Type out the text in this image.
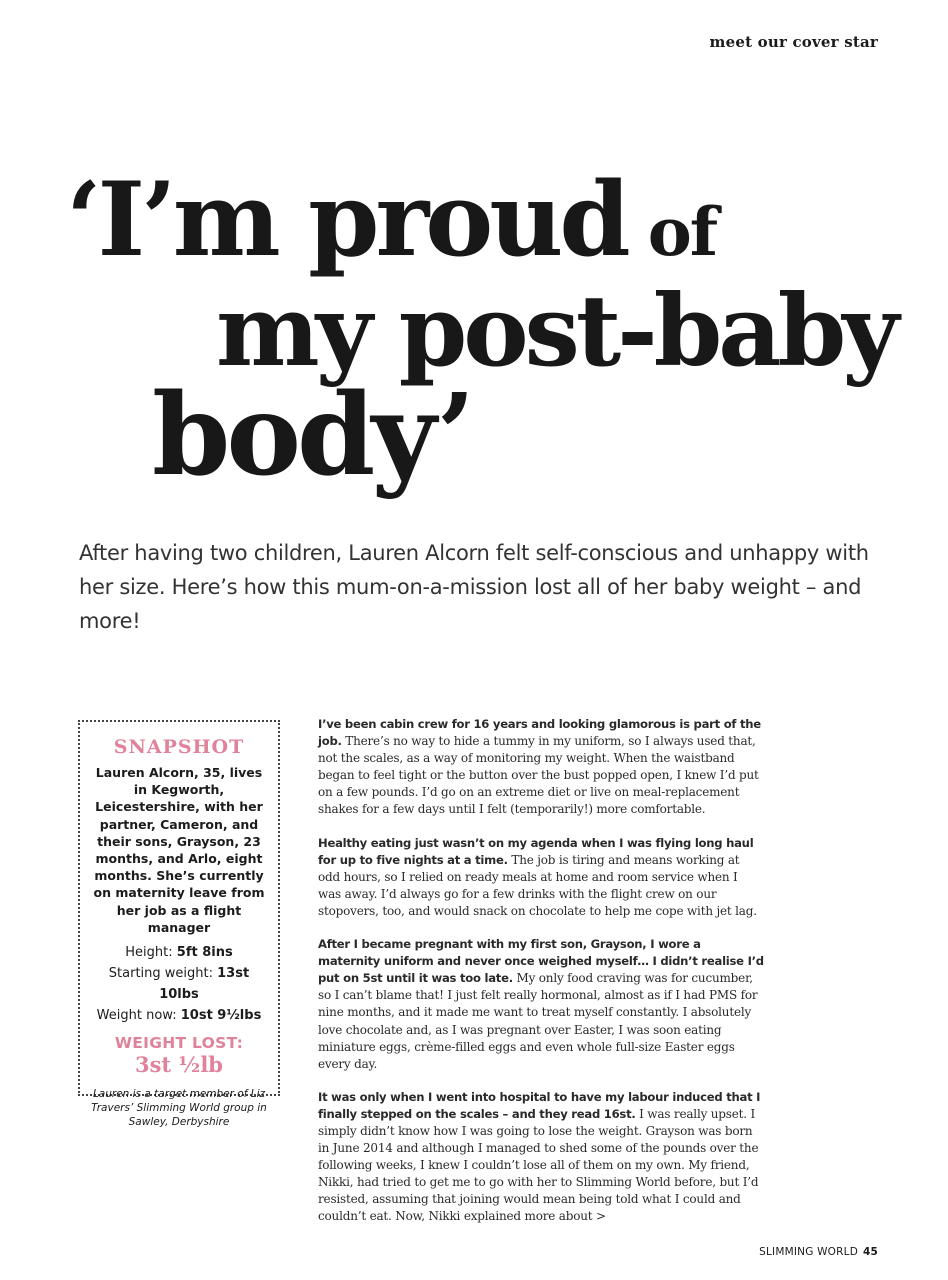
meet our cover star
‘I’m proud of
my post-baby
body’

After having two children, Lauren Alcorn felt self-conscious and unhappy with her size. Here’s how this mum-on-a-mission lost all of her baby weight – and more!

SNAPSHOT

Lauren Alcorn, 35, lives in Kegworth, Leicestershire, with her partner, Cameron, and their sons, Grayson, 23 months, and Arlo, eight months. She’s currently on maternity leave from her job as a flight manager

Height: 5ft 8ins

Starting weight: 13st 10lbs

Weight now: 10st 9½lbs

WEIGHT LOST:
3st ½lb

Lauren is a target member of Liz Travers’ Slimming World group in Sawley, Derbyshire

I’ve been cabin crew for 16 years and looking glamorous is part of the job. There’s no way to hide a tummy in my uniform, so I always used that, not the scales, as a way of monitoring my weight. When the waistband began to feel tight or the button over the bust popped open, I knew I’d put on a few pounds. I’d go on an extreme diet or live on meal-replacement shakes for a few days until I felt (temporarily!) more comfortable.

Healthy eating just wasn’t on my agenda when I was flying long haul for up to five nights at a time. The job is tiring and means working at odd hours, so I relied on ready meals at home and room service when I was away. I’d always go for a few drinks with the flight crew on our stopovers, too, and would snack on chocolate to help me cope with jet lag.

After I became pregnant with my first son, Grayson, I wore a maternity uniform and never once weighed myself… I didn’t realise I’d put on 5st until it was too late. My only food craving was for cucumber, so I can’t blame that! I just felt really hormonal, almost as if I had PMS for nine months, and it made me want to treat myself constantly. I absolutely love chocolate and, as I was pregnant over Easter, I was soon eating miniature eggs, crème-filled eggs and even whole full-size Easter eggs every day.

It was only when I went into hospital to have my labour induced that I finally stepped on the scales – and they read 16st. I was really upset. I simply didn’t know how I was going to lose the weight. Grayson was born in June 2014 and although I managed to shed some of the pounds over the following weeks, I knew I couldn’t lose all of them on my own. My friend, Nikki, had tried to get me to go with her to Slimming World before, but I’d resisted, assuming that joining would mean being told what I could and couldn’t eat. Now, Nikki explained more about >

SLIMMING WORLD 45
